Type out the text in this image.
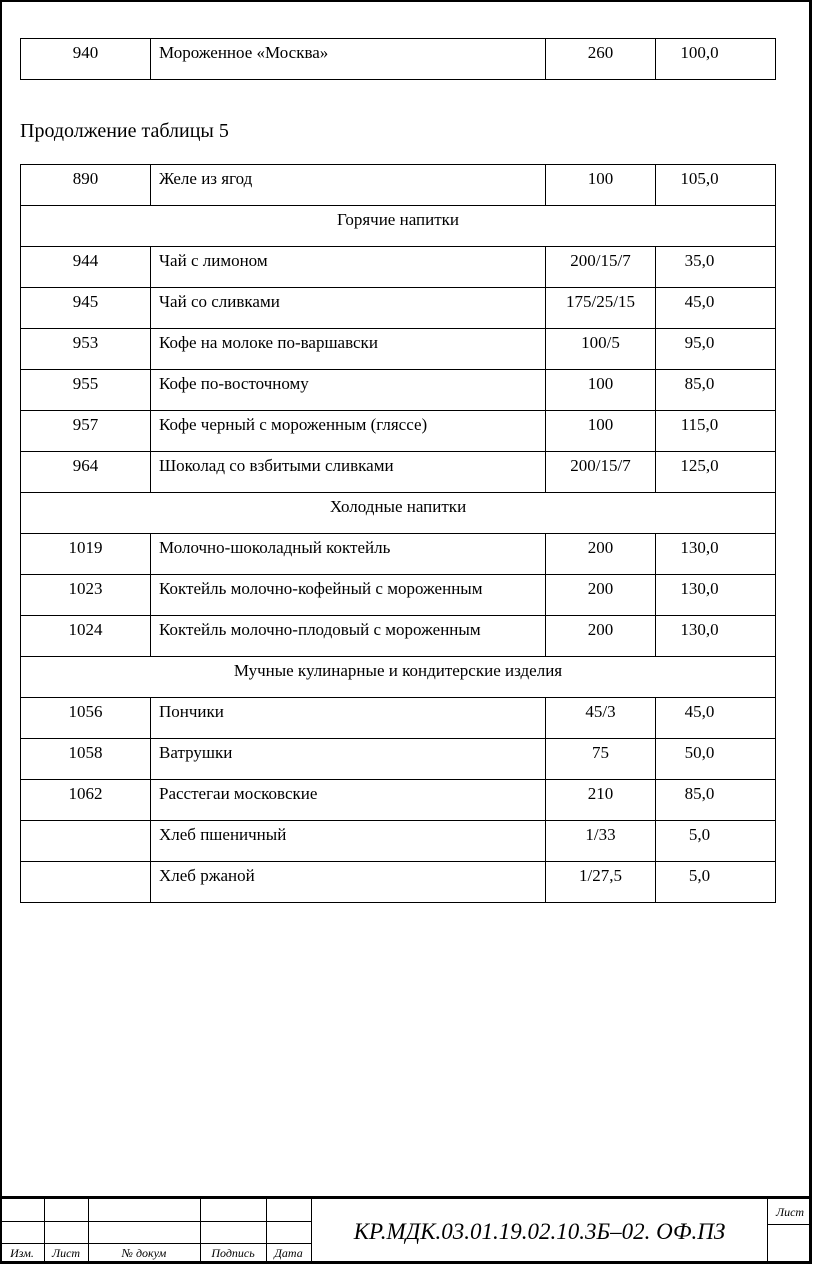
940	Мороженное «Москва»	260	100,0
Продолжение таблицы 5
890	Желе из ягод	100	105,0

Горячие напитки			

944	Чай с лимоном	200/15/7	35,0

945	Чай со сливками	175/25/15	45,0

953	Кофе на молоке по-варшавски	100/5	95,0

955	Кофе по-восточному	100	85,0

957	Кофе черный с мороженным (гляссе)	100	115,0

964	Шоколад со взбитыми сливками	200/15/7	125,0

Холодные напитки			

1019	Молочно-шоколадный коктейль	200	130,0

1023	Коктейль молочно-кофейный с мороженным	200	130,0

1024	Коктейль молочно-плодовый с мороженным	200	130,0

Мучные кулинарные и кондитерские изделия			

1056	Пончики	45/3	45,0

1058	Ватрушки	75	50,0

1062	Расстегаи московские	210	85,0

	Хлеб пшеничный	1/33	5,0

	Хлеб ржаной	1/27,5	5,0
Изм.	Лист	№ докум	Подпись	Дата
КР.МДК.03.01.19.02.10.3Б–02. ОФ.ПЗ
Лист
